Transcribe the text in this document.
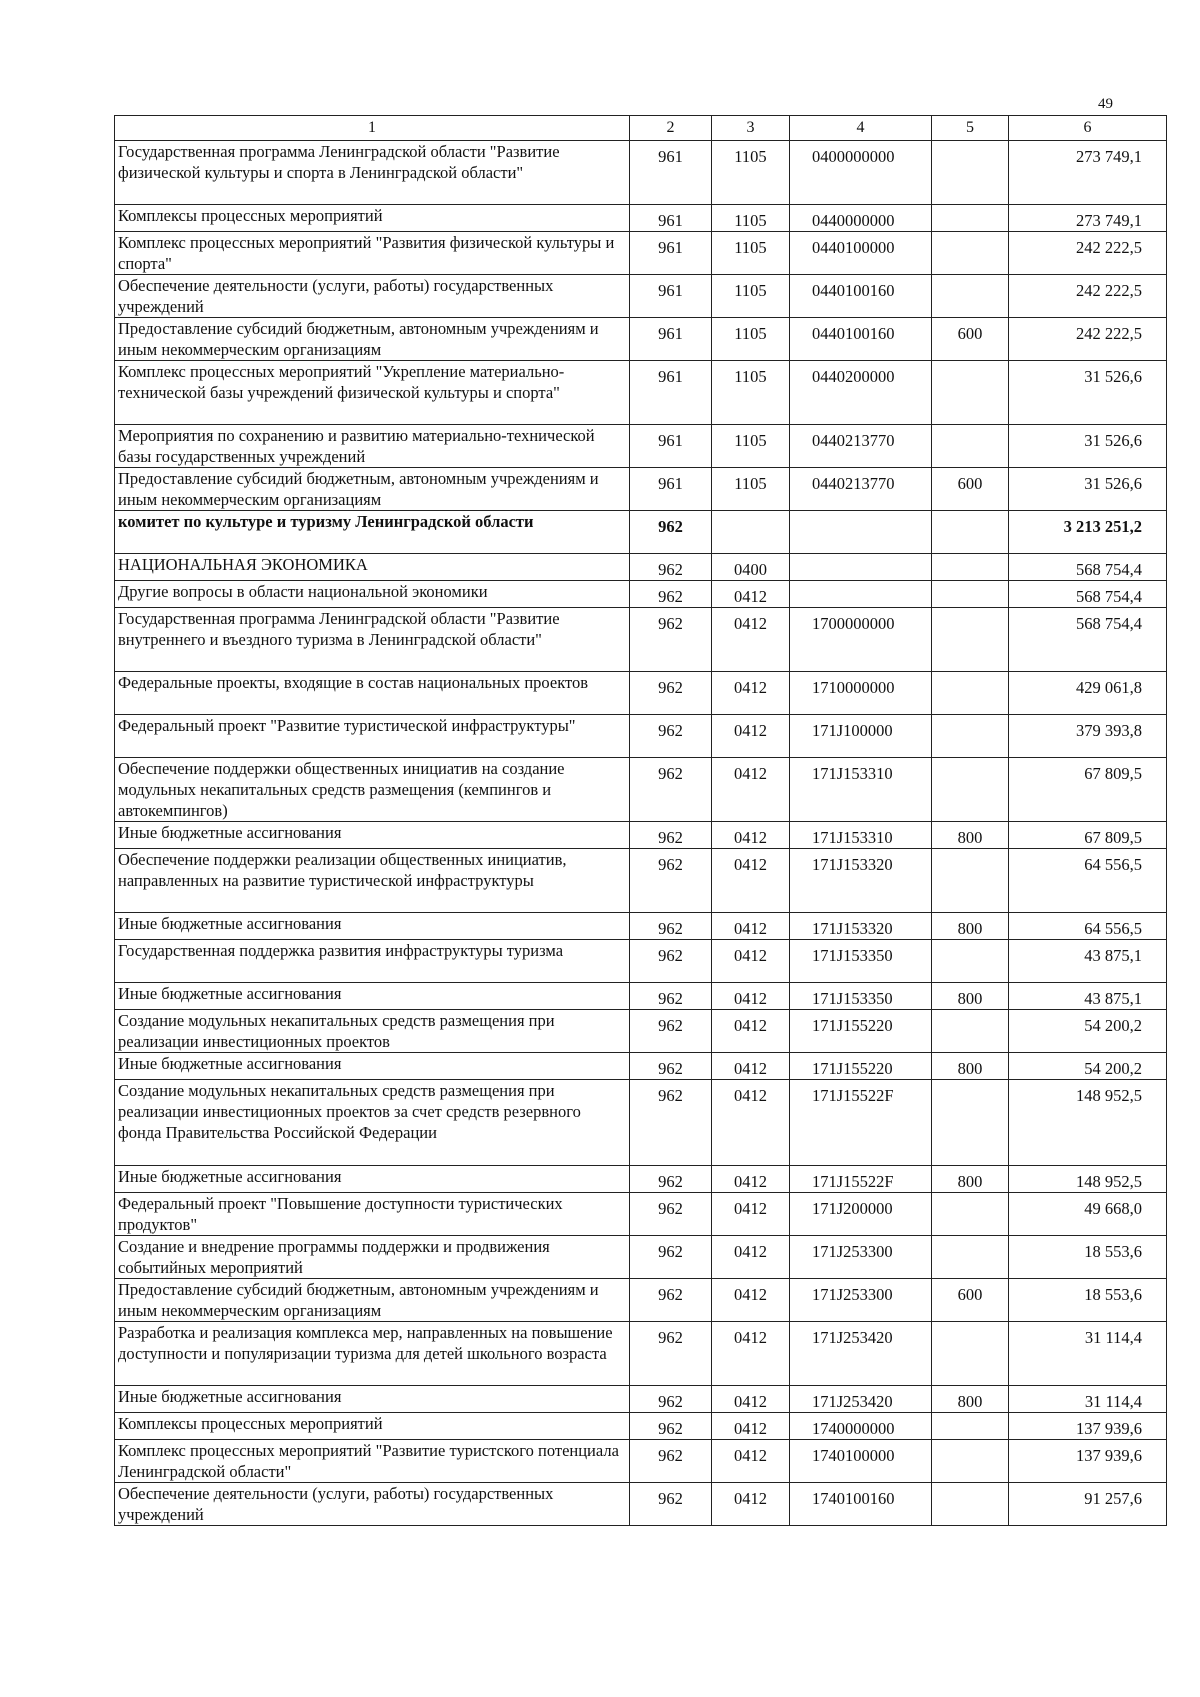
49
1	2	3	4	5	6
Государственная программа Ленинградской области "Развитие физической культуры и спорта в Ленинградской области"	961	1105	0400000000		273 749,1
Комплексы процессных мероприятий	961	1105	0440000000		273 749,1
Комплекс процессных мероприятий "Развития физической культуры и спорта"	961	1105	0440100000		242 222,5
Обеспечение деятельности (услуги, работы) государственных учреждений	961	1105	0440100160		242 222,5
Предоставление субсидий бюджетным, автономным учреждениям и иным некоммерческим организациям	961	1105	0440100160	600	242 222,5
Комплекс процессных мероприятий "Укрепление материально-технической базы учреждений физической культуры и спорта"	961	1105	0440200000		31 526,6
Мероприятия по сохранению и развитию материально-технической базы государственных учреждений	961	1105	0440213770		31 526,6
Предоставление субсидий бюджетным, автономным учреждениям и иным некоммерческим организациям	961	1105	0440213770	600	31 526,6
комитет по культуре и туризму Ленинградской области	962				3 213 251,2
НАЦИОНАЛЬНАЯ ЭКОНОМИКА	962	0400			568 754,4
Другие вопросы в области национальной экономики	962	0412			568 754,4
Государственная программа Ленинградской области "Развитие внутреннего и въездного туризма в Ленинградской области"	962	0412	1700000000		568 754,4
Федеральные проекты, входящие в состав национальных проектов	962	0412	1710000000		429 061,8
Федеральный проект "Развитие туристической инфраструктуры"	962	0412	171J100000		379 393,8
Обеспечение поддержки общественных инициатив на создание модульных некапитальных средств размещения (кемпингов и автокемпингов)	962	0412	171J153310		67 809,5
Иные бюджетные ассигнования	962	0412	171J153310	800	67 809,5
Обеспечение поддержки реализации общественных инициатив, направленных на развитие туристической инфраструктуры	962	0412	171J153320		64 556,5
Иные бюджетные ассигнования	962	0412	171J153320	800	64 556,5
Государственная поддержка развития инфраструктуры туризма	962	0412	171J153350		43 875,1
Иные бюджетные ассигнования	962	0412	171J153350	800	43 875,1
Создание модульных некапитальных средств размещения при реализации инвестиционных проектов	962	0412	171J155220		54 200,2
Иные бюджетные ассигнования	962	0412	171J155220	800	54 200,2
Создание модульных некапитальных средств размещения при реализации инвестиционных проектов за счет средств резервного фонда Правительства Российской Федерации	962	0412	171J15522F		148 952,5
Иные бюджетные ассигнования	962	0412	171J15522F	800	148 952,5
Федеральный проект "Повышение доступности туристических продуктов"	962	0412	171J200000		49 668,0
Создание и внедрение программы поддержки и продвижения событийных мероприятий	962	0412	171J253300		18 553,6
Предоставление субсидий бюджетным, автономным учреждениям и иным некоммерческим организациям	962	0412	171J253300	600	18 553,6
Разработка и реализация комплекса мер, направленных на повышение доступности и популяризации туризма для детей школьного возраста	962	0412	171J253420		31 114,4
Иные бюджетные ассигнования	962	0412	171J253420	800	31 114,4
Комплексы процессных мероприятий	962	0412	1740000000		137 939,6
Комплекс процессных мероприятий "Развитие туристского потенциала Ленинградской области"	962	0412	1740100000		137 939,6
Обеспечение деятельности (услуги, работы) государственных учреждений	962	0412	1740100160		91 257,6
